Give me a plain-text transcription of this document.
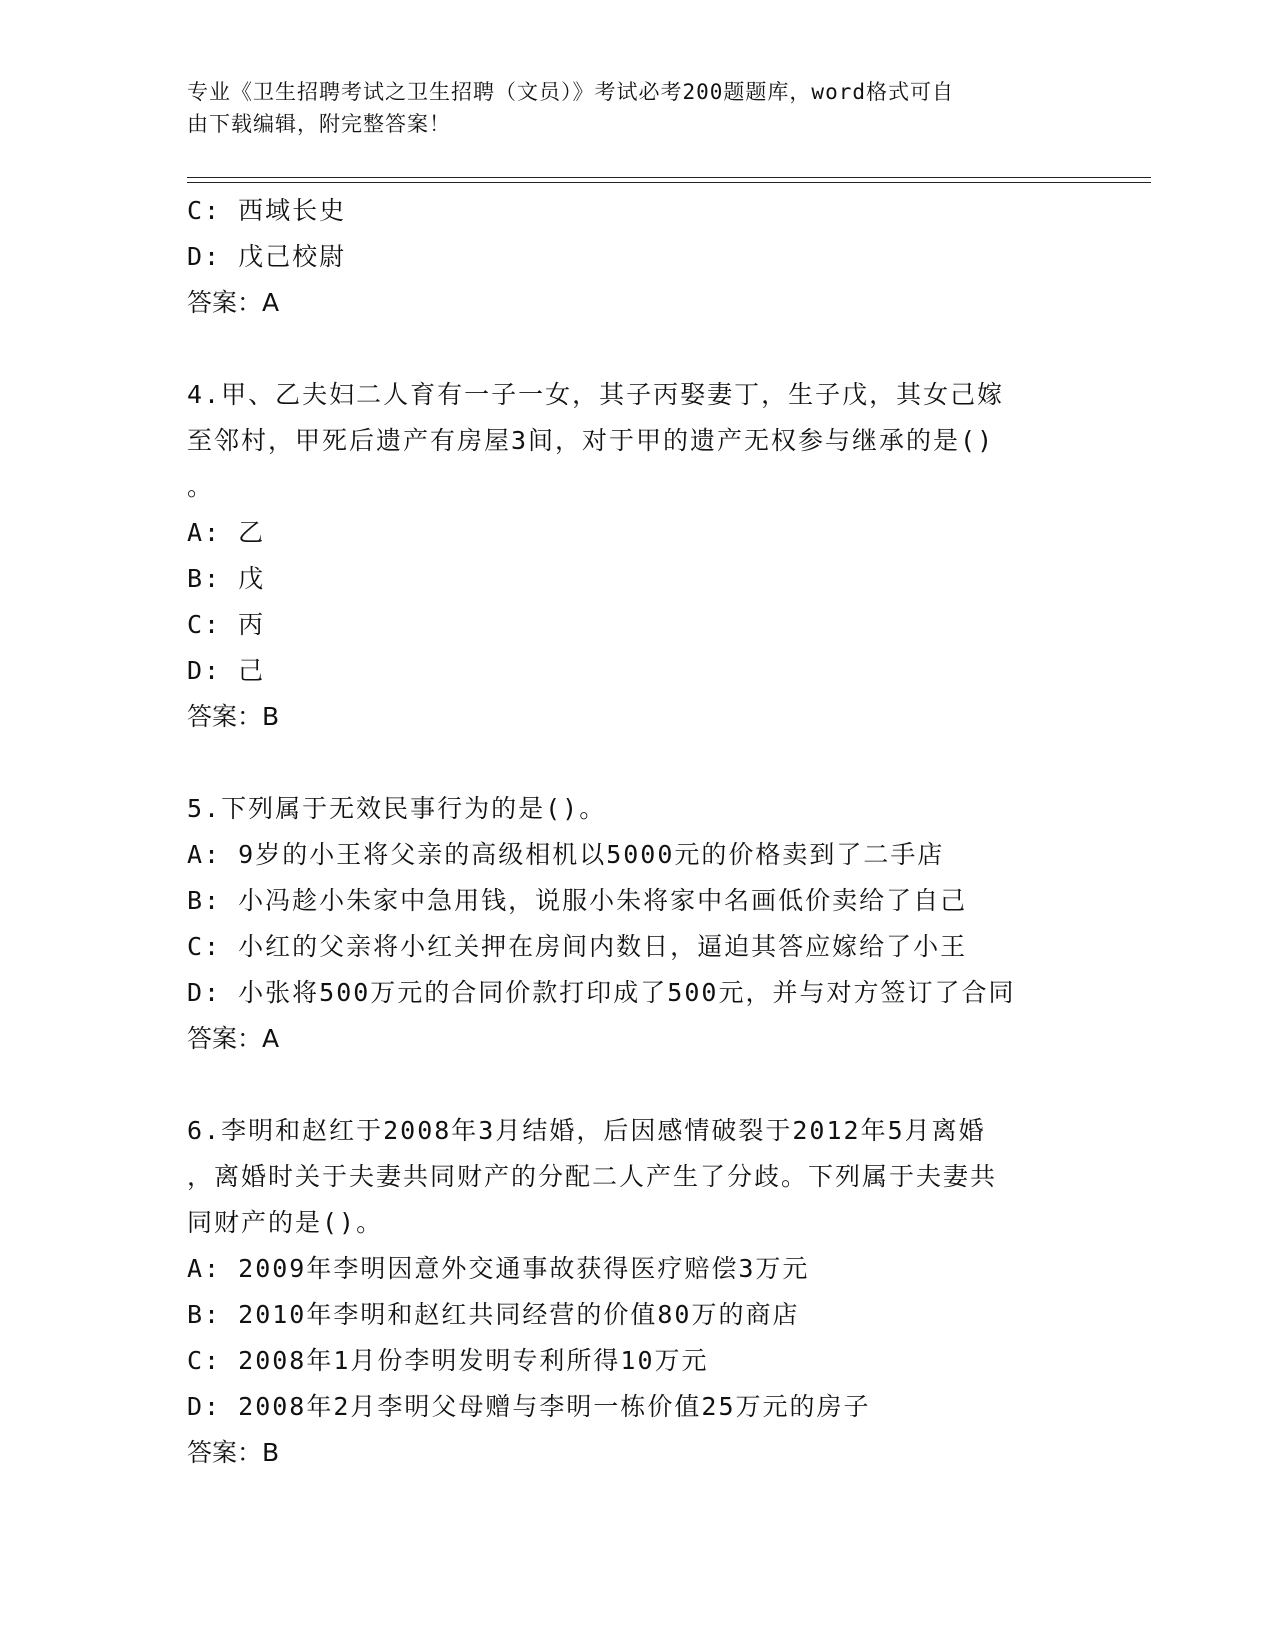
专业《卫生招聘考试之卫生招聘（文员）》考试必考200题题库，word格式可自
由下载编辑，附完整答案！
C: 西域长史
D: 戊己校尉
答案：A
4.甲、乙夫妇二人育有一子一女，其子丙娶妻丁，生子戊，其女己嫁
至邻村，甲死后遗产有房屋3间，对于甲的遗产无权参与继承的是()
。
A: 乙
B: 戊
C: 丙
D: 己
答案：B
5.下列属于无效民事行为的是()。
A: 9岁的小王将父亲的高级相机以5000元的价格卖到了二手店
B: 小冯趁小朱家中急用钱，说服小朱将家中名画低价卖给了自己
C: 小红的父亲将小红关押在房间内数日，逼迫其答应嫁给了小王
D: 小张将500万元的合同价款打印成了500元，并与对方签订了合同
答案：A
6.李明和赵红于2008年3月结婚，后因感情破裂于2012年5月离婚
，离婚时关于夫妻共同财产的分配二人产生了分歧。下列属于夫妻共
同财产的是()。
A: 2009年李明因意外交通事故获得医疗赔偿3万元
B: 2010年李明和赵红共同经营的价值80万的商店
C: 2008年1月份李明发明专利所得10万元
D: 2008年2月李明父母赠与李明一栋价值25万元的房子
答案：B
